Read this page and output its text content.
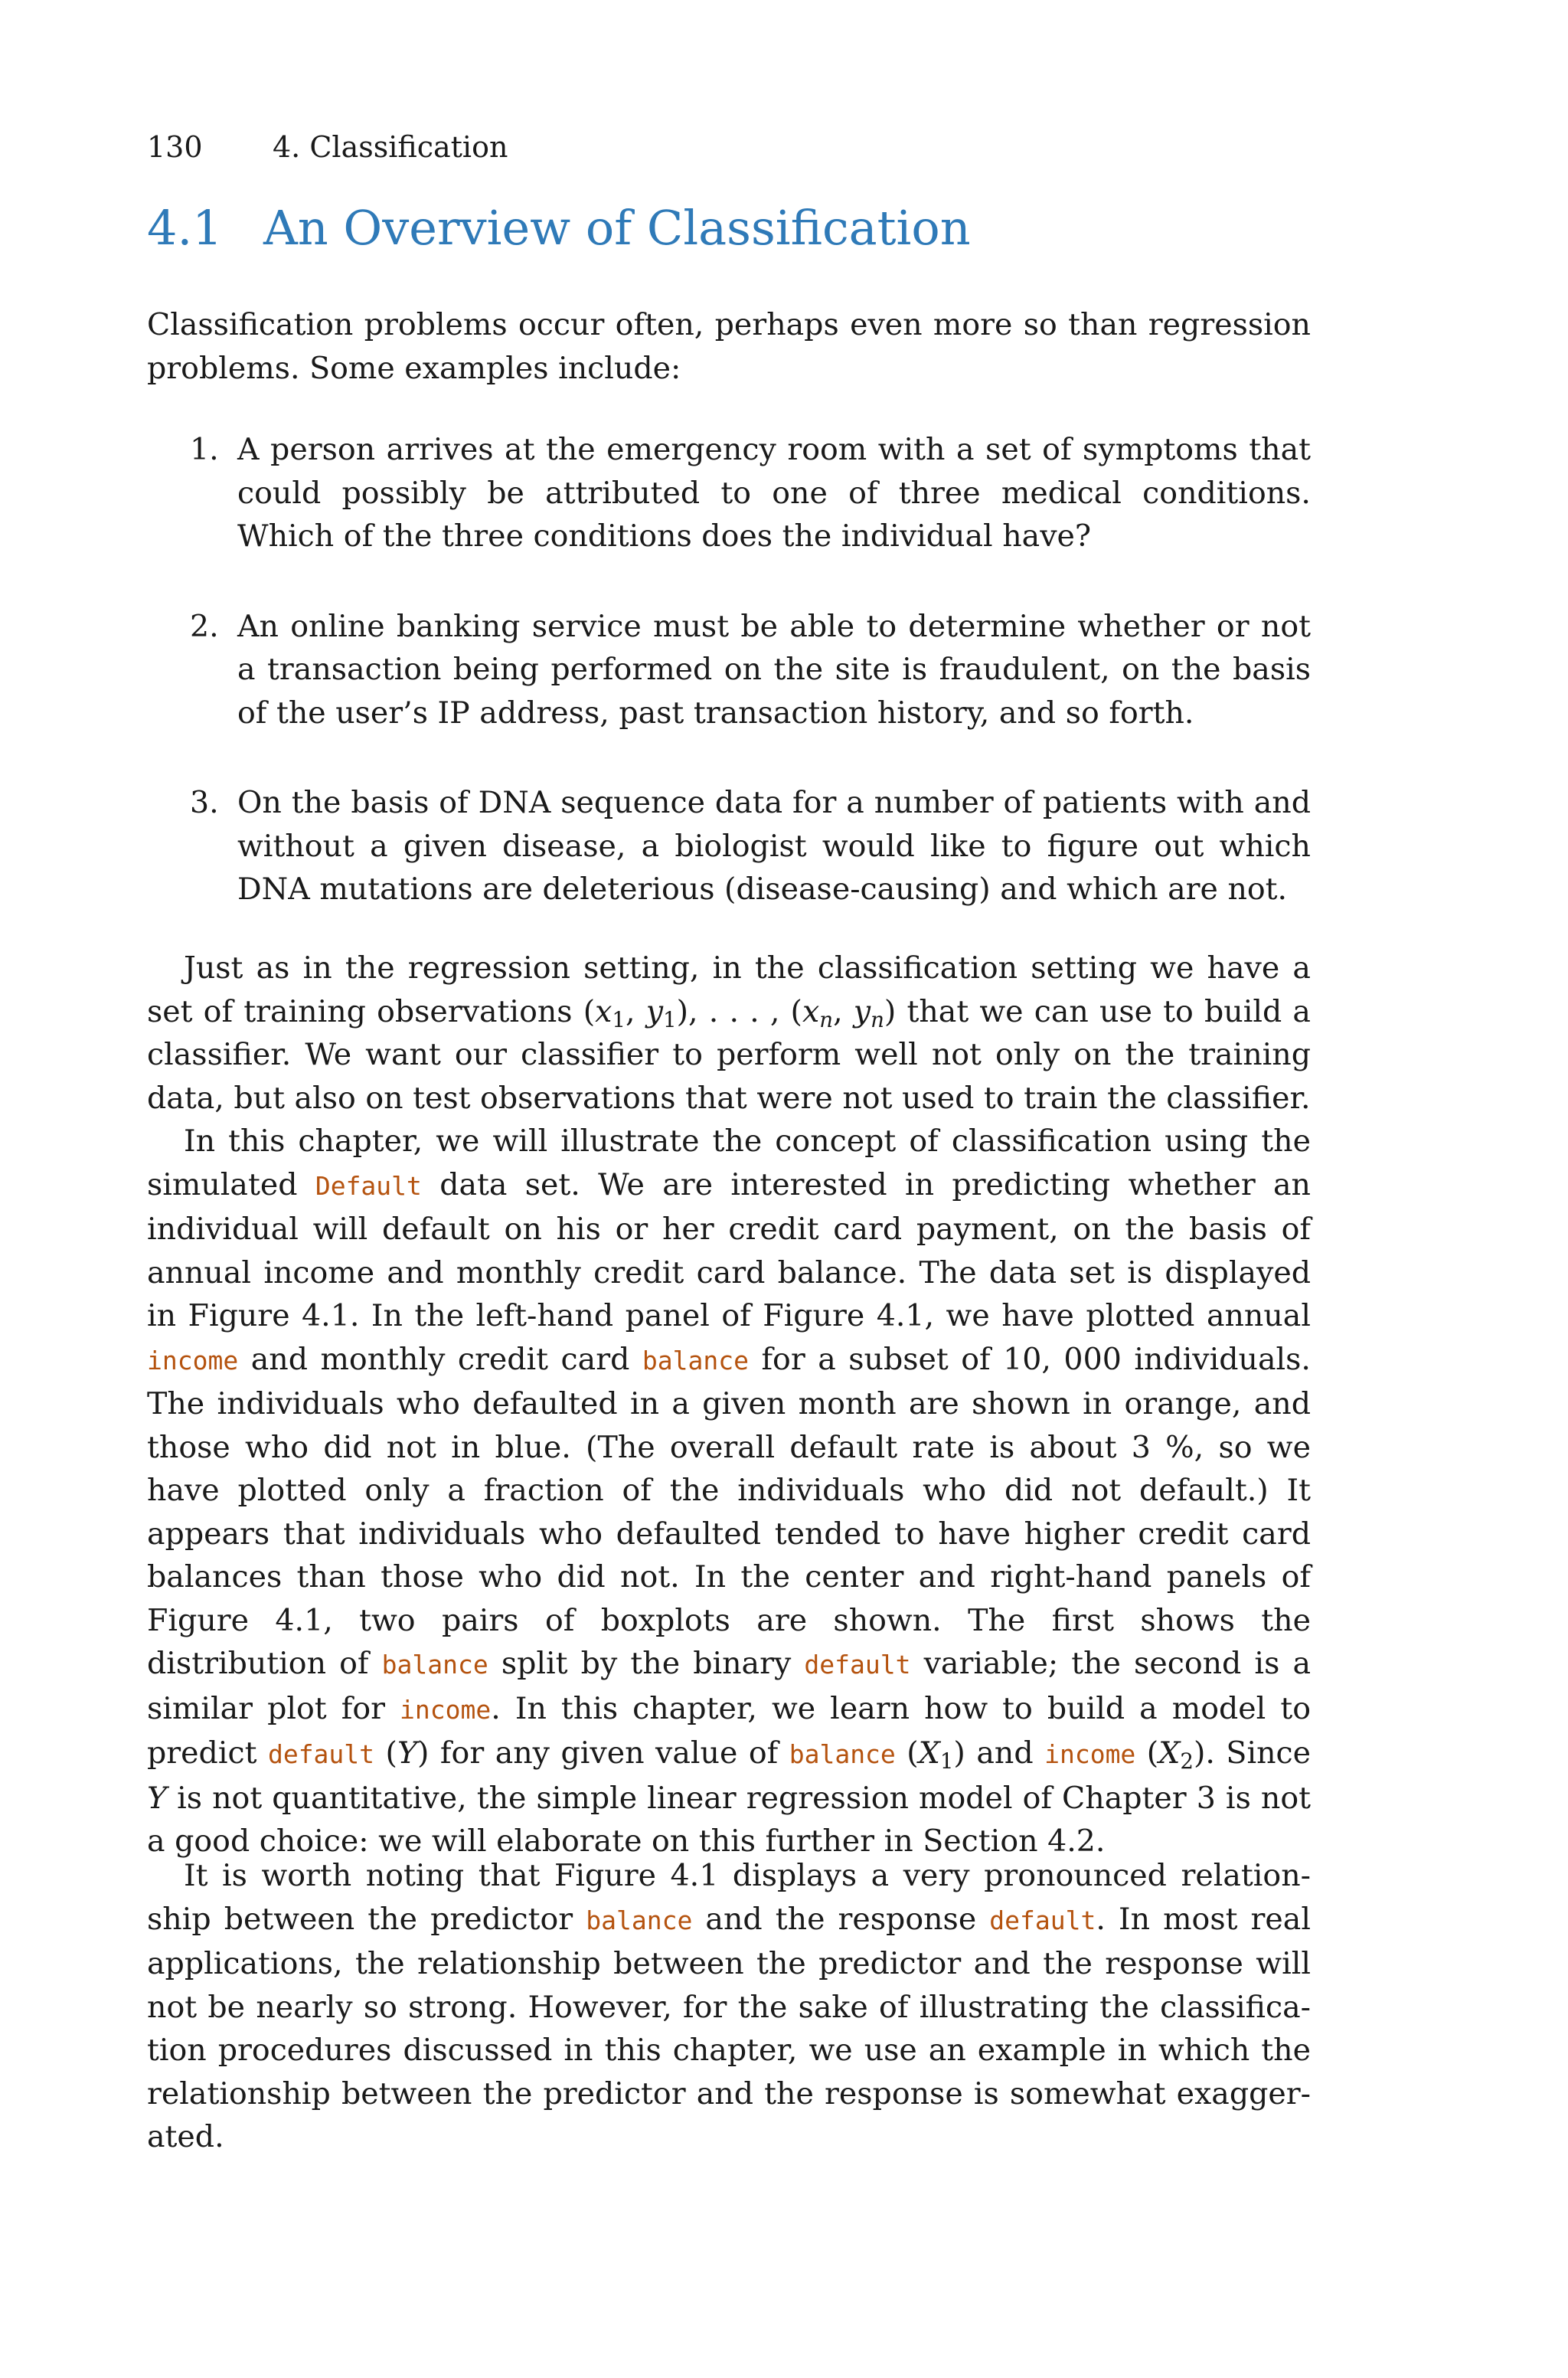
130 4. Classification
4.1 An Overview of Classification

Classification problems occur often, perhaps even more so than regression problems. Some examples include:

1. A person arrives at the emergency room with a set of symptoms that could possibly be attributed to one of three medical conditions. Which of the three conditions does the individual have?
2. An online banking service must be able to determine whether or not a transaction being performed on the site is fraudulent, on the basis of the user’s IP address, past transaction history, and so forth.
3. On the basis of DNA sequence data for a number of patients with and without a given disease, a biologist would like to figure out which DNA mutations are deleterious (disease-causing) and which are not.

Just as in the regression setting, in the classification setting we have a set of training observations ($x_1$, $y_1$), . . . , ($x_n$, $y_n$) that we can use to build a classifier. We want our classifier to perform well not only on the training data, but also on test observations that were not used to train the classifier.

In this chapter, we will illustrate the concept of classification using the simulated Default data set. We are interested in predicting whether an individual will default on his or her credit card payment, on the basis of annual income and monthly credit card balance. The data set is displayed in Figure 4.1. In the left-hand panel of Figure 4.1, we have plotted annual income and monthly credit card balance for a subset of 10, 000 individuals. The individuals who defaulted in a given month are shown in orange, and those who did not in blue. (The overall default rate is about 3 %, so we have plotted only a fraction of the individuals who did not default.) It appears that individuals who defaulted tended to have higher credit card balances than those who did not. In the center and right-hand panels of Figure 4.1, two pairs of boxplots are shown. The first shows the distribution of balance split by the binary default variable; the second is a similar plot for income. In this chapter, we learn how to build a model to predict default (Y) for any given value of balance $(X_1)$ and income $(X_2)$. Since Y is not quantitative, the simple linear regression model of Chapter 3 is not a good choice: we will elaborate on this further in Section 4.2.

It is worth noting that Figure 4.1 displays a very pronounced relation-ship between the predictor balance and the response default. In most real applications, the relationship between the predictor and the response will not be nearly so strong. However, for the sake of illustrating the classifica-tion procedures discussed in this chapter, we use an example in which the relationship between the predictor and the response is somewhat exagger-ated.
